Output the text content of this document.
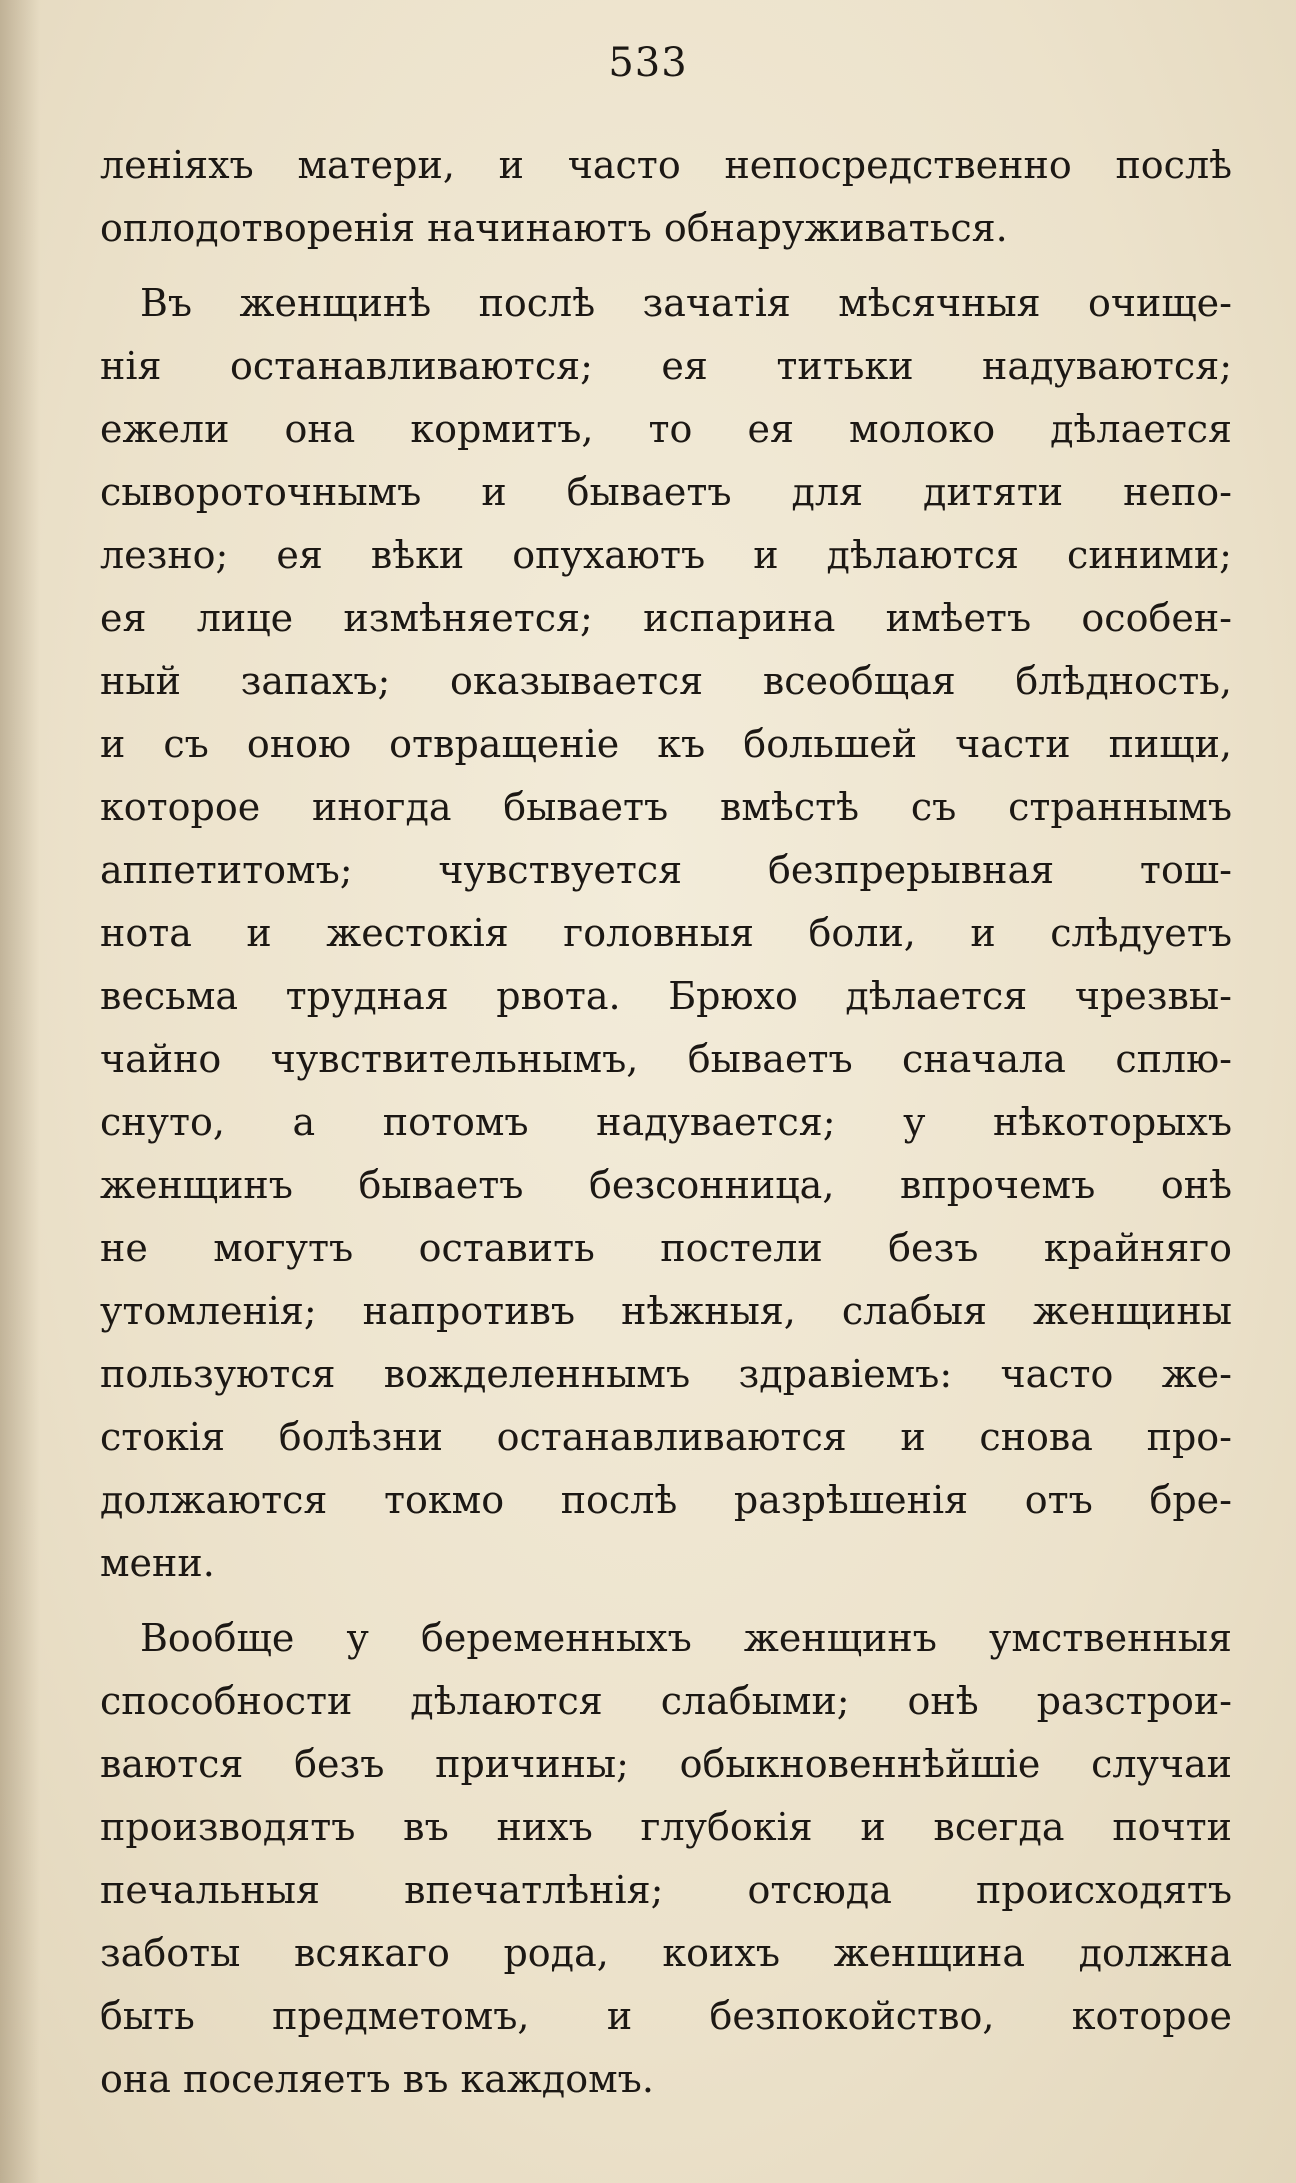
533
леніяхъ матери, и часто непосредственно послѣ
оплодотворенія начинаютъ обнаруживаться.
Въ женщинѣ послѣ зачатія мѣсячныя очище-
нія останавливаются; ея титьки надуваются;
ежели она кормитъ, то ея молоко дѣлается
сывороточнымъ и бываетъ для дитяти непо-
лезно; ея вѣки опухаютъ и дѣлаются синими;
ея лице измѣняется; испарина имѣетъ особен-
ный запахъ; оказывается всеобщая блѣдность,
и съ оною отвращеніе къ большей части пищи,
которое иногда бываетъ вмѣстѣ съ страннымъ
аппетитомъ; чувствуется безпрерывная тош-
нота и жестокія головныя боли, и слѣдуетъ
весьма трудная рвота. Брюхо дѣлается чрезвы-
чайно чувствительнымъ, бываетъ сначала сплю-
снуто, а потомъ надувается; у нѣкоторыхъ
женщинъ бываетъ безсонница, впрочемъ онѣ
не могутъ оставить постели безъ крайняго
утомленія; напротивъ нѣжныя, слабыя женщины
пользуются вожделеннымъ здравіемъ: часто же-
стокія болѣзни останавливаются и снова про-
должаются токмо послѣ разрѣшенія отъ бре-
мени.
Вообще у беременныхъ женщинъ умственныя
способности дѣлаются слабыми; онѣ разстрои-
ваются безъ причины; обыкновеннѣйшіе случаи
производятъ въ нихъ глубокія и всегда почти
печальныя впечатлѣнія; отсюда происходятъ
заботы всякаго рода, коихъ женщина должна
быть предметомъ, и безпокойство, которое
она поселяетъ въ каждомъ.
